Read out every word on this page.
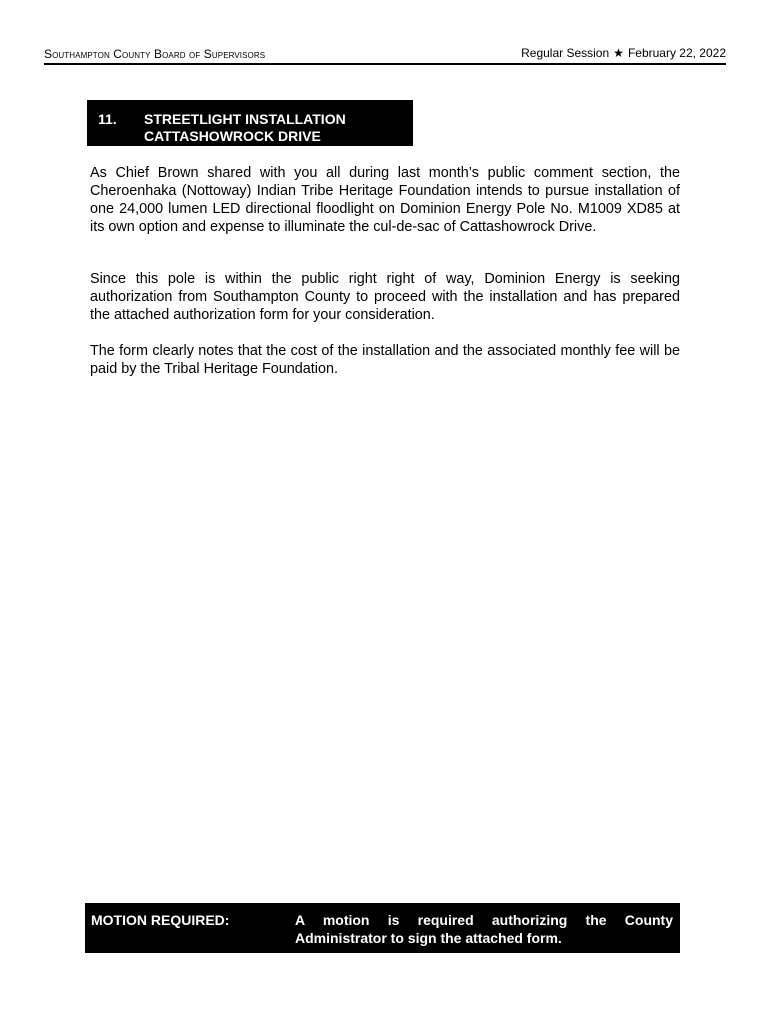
Southampton County Board of Supervisors	Regular Session ★ February 22, 2022
11. STREETLIGHT INSTALLATION
CATTASHOWROCK DRIVE
As Chief Brown shared with you all during last month’s public comment section, the Cheroenhaka (Nottoway) Indian Tribe Heritage Foundation intends to pursue installation of one 24,000 lumen LED directional floodlight on Dominion Energy Pole No. M1009 XD85 at its own option and expense to illuminate the cul-de-sac of Cattashowrock Drive.
Since this pole is within the public right right of way, Dominion Energy is seeking authorization from Southampton County to proceed with the installation and has prepared the attached authorization form for your consideration.
The form clearly notes that the cost of the installation and the associated monthly fee will be paid by the Tribal Heritage Foundation.
MOTION REQUIRED:	A motion is required authorizing the County Administrator to sign the attached form.
